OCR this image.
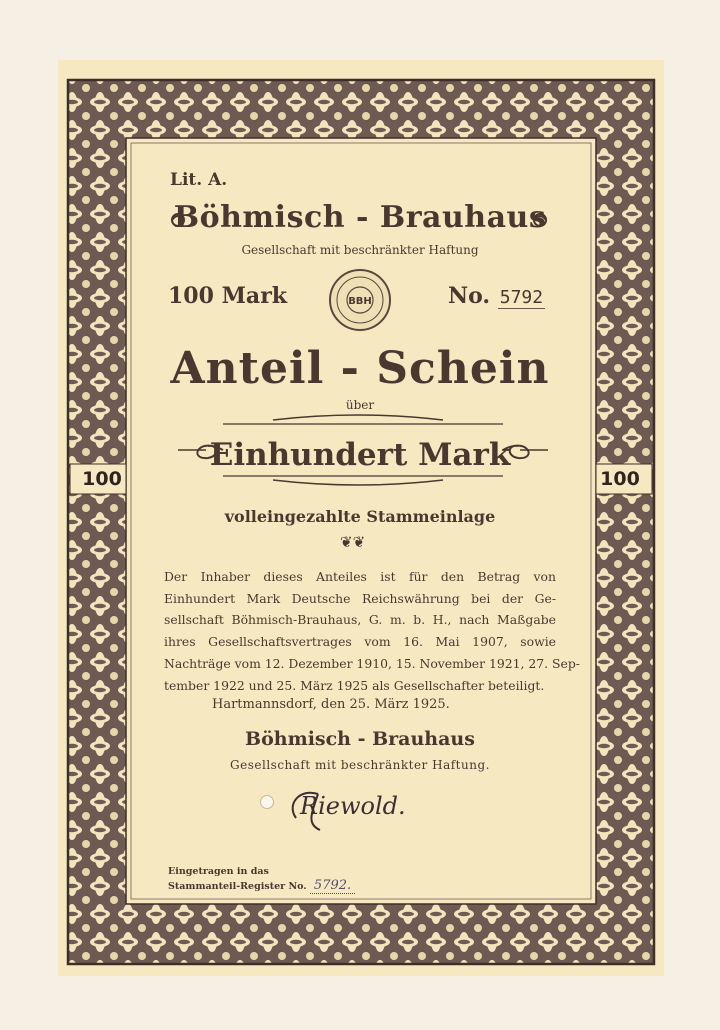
BBH

Lit. A.

Böhmisch - Brauhaus

Gesellschaft mit beschränkter Haftung

100 Mark	No. 5792

Anteil - Schein

über

Einhundert Mark

100	100

volleingezahlte Stammeinlage

❦❦

Der Inhaber dieses Anteiles ist für den Betrag von
Einhundert Mark Deutsche Reichswährung bei der Ge-
sellschaft Böhmisch-Brauhaus, G. m. b. H., nach Maßgabe
ihres Gesellschaftsvertrages vom 16. Mai 1907, sowie
Nachträge vom 12. Dezember 1910, 15. November 1921, 27. Sep-
tember 1922 und 25. März 1925 als Gesellschafter beteiligt.

Hartmannsdorf, den 25. März 1925.

Böhmisch - Brauhaus

Gesellschaft mit beschränkter Haftung.

Riewold.

Eingetragen in das

Stammanteil-Register No. 5792.
